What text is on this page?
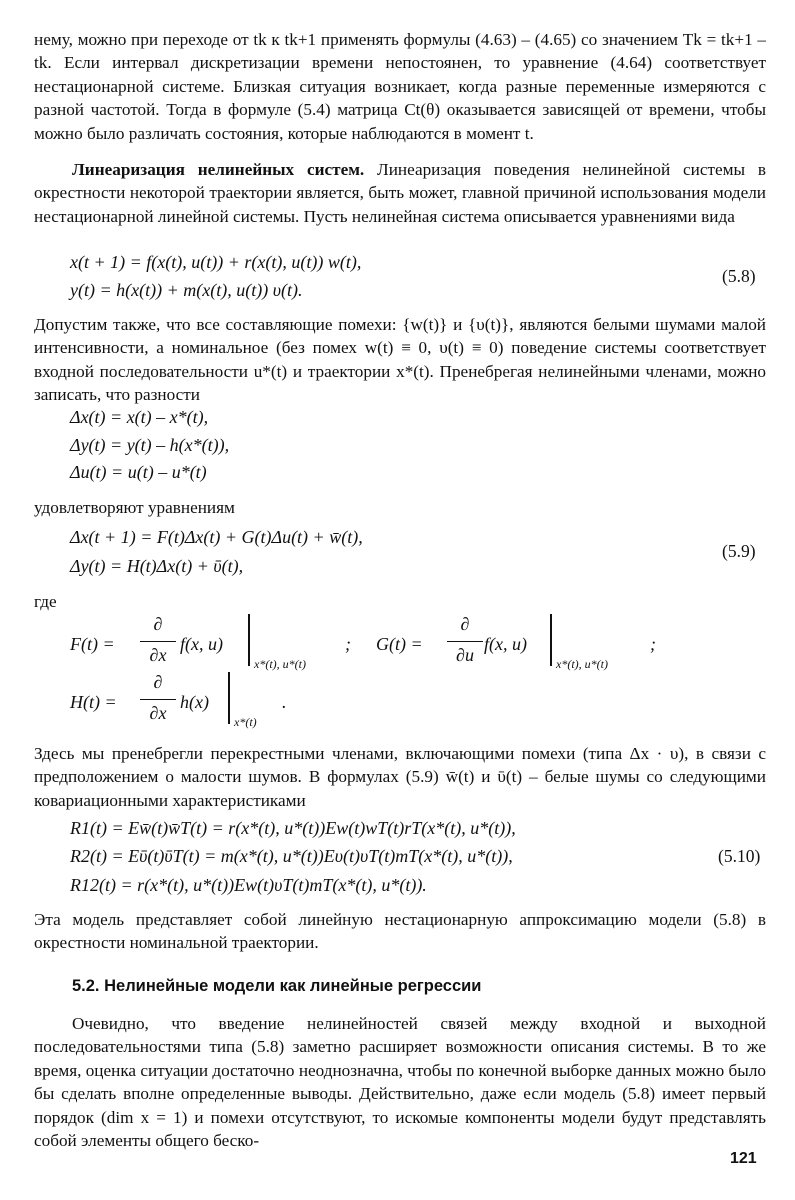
нему, можно при переходе от tk к tk+1 применять формулы (4.63) – (4.65) со значением Tk = tk+1 – tk. Если интервал дискретизации времени непостоянен, то уравнение (4.64) соответствует нестационарной системе. Близкая ситуация возникает, когда разные переменные измеряются с разной частотой. Тогда в формуле (5.4) матрица Ct(θ) оказывается зависящей от времени, чтобы можно было различать состояния, которые наблюдаются в момент t.
Линеаризация нелинейных систем. Линеаризация поведения нелинейной системы в окрестности некоторой траектории является, быть может, главной причиной использования модели нестационарной линейной системы. Пусть нелинейная система описывается уравнениями вида
x(t + 1) = f(x(t), u(t)) + r(x(t), u(t)) w(t),
y(t) = h(x(t)) + m(x(t), u(t)) υ(t).
(5.8)
Допустим также, что все составляющие помехи: {w(t)} и {υ(t)}, являются белыми шумами малой интенсивности, а номинальное (без помех w(t) ≡ 0, υ(t) ≡ 0) поведение системы соответствует входной последовательности u*(t) и траектории x*(t). Пренебрегая нелинейными членами, можно записать, что разности
Δx(t) = x(t) – x*(t),
Δy(t) = y(t) – h(x*(t)),
Δu(t) = u(t) – u*(t)
удовлетворяют уравнениям
Δx(t + 1) = F(t)Δx(t) + G(t)Δu(t) + w̄(t),
Δy(t) = H(t)Δx(t) + ῡ(t),
(5.9)
где
F(t) =
∂
∂x
f(x, u)
x*(t), u*(t)
; G(t) =
∂
∂u
f(x, u)
x*(t), u*(t)
;
H(t) =
∂
∂x
h(x)
x*(t)
.
Здесь мы пренебрегли перекрестными членами, включающими помехи (типа Δx · υ), в связи с предположением о малости шумов. В формулах (5.9) w̄(t) и ῡ(t) – белые шумы со следующими ковариационными характеристиками
R1(t) = Ew̄(t)w̄T(t) = r(x*(t), u*(t))Ew(t)wT(t)rT(x*(t), u*(t)),
R2(t) = Eῡ(t)ῡT(t) = m(x*(t), u*(t))Eυ(t)υT(t)mT(x*(t), u*(t)),
R12(t) = r(x*(t), u*(t))Ew(t)υT(t)mT(x*(t), u*(t)).
(5.10)
Эта модель представляет собой линейную нестационарную аппроксимацию модели (5.8) в окрестности номинальной траектории.
5.2. Нелинейные модели как линейные регрессии
Очевидно, что введение нелинейностей связей между входной и выходной последовательностями типа (5.8) заметно расширяет возможности описания системы. В то же время, оценка ситуации достаточно неоднозначна, чтобы по конечной выборке данных можно было бы сделать вполне определенные выводы. Действительно, даже если модель (5.8) имеет первый порядок (dim x = 1) и помехи отсутствуют, то искомые компоненты модели будут представлять собой элементы общего беско-
121
